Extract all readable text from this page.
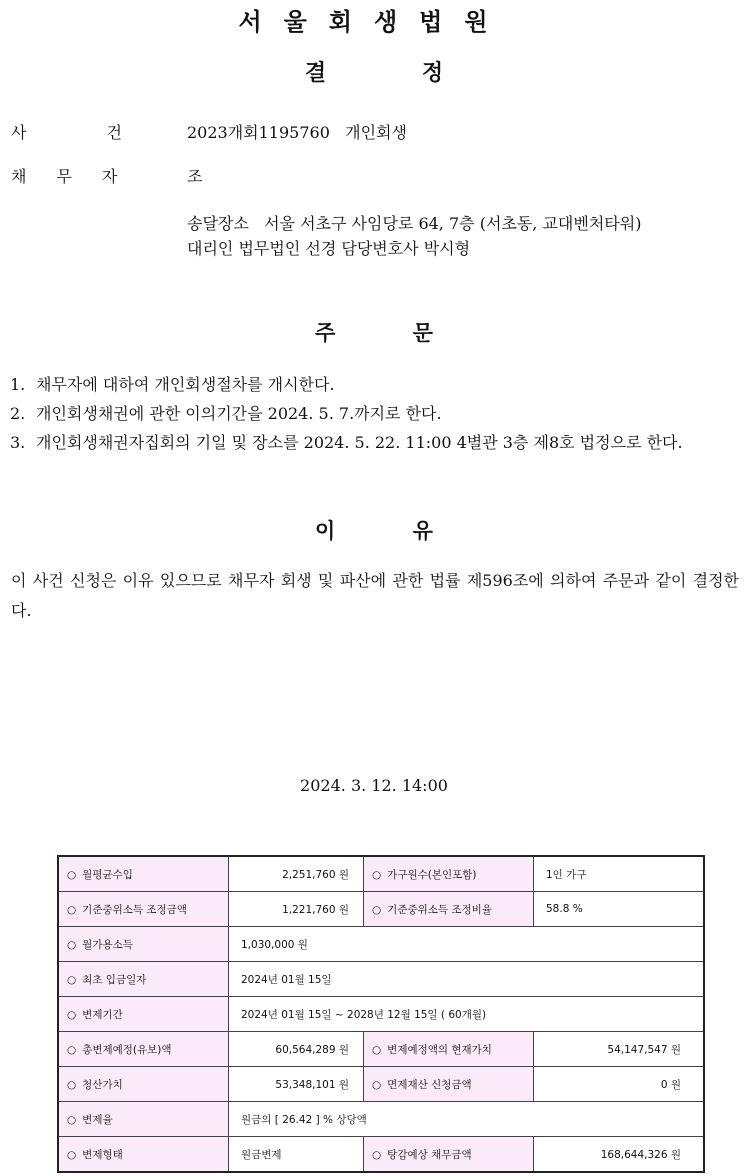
서울회생법원
결 정
사건
2023개회1195760   개인회생
채무자 조
송달장소   서울 서초구 사임당로 64, 7층 (서초동, 교대벤처타워)
대리인 법무법인 선경 담당변호사 박시형
주 문
1. 채무자에 대하여 개인회생절차를 개시한다.
2. 개인회생채권에 관한 이의기간을 2024. 5. 7.까지로 한다.
3. 개인회생채권자집회의 기일 및 장소를 2024. 5. 22. 11:00 4별관 3층 제8호 법정으로 한다.
이 유
이 사건 신청은 이유 있으므로 채무자 회생 및 파산에 관한 법률 제596조에 의하여 주문과 같이 결정한다.
2024. 3. 12. 14:00
○ 월평균수입	2,251,760 원	○ 가구원수(본인포함)	1인 가구
○ 기준중위소득 조정금액	1,221,760 원	○ 기준중위소득 조정비율	58.8 %
○ 월가용소득	1,030,000 원		
○ 최초 입금일자	2024년 01월 15일		
○ 변제기간	2024년 01월 15일 ~ 2028년 12월 15일 ( 60개월)		
○ 총변제예정(유보)액	60,564,289 원	○ 변제예정액의 현재가치	54,147,547 원
○ 청산가치	53,348,101 원	○ 면제재산 신청금액	0 원
○ 변제율	원금의 [ 26.42 ] % 상당액		
○ 변제형태	원금변제	○ 탕감예상 채무금액	168,644,326 원
